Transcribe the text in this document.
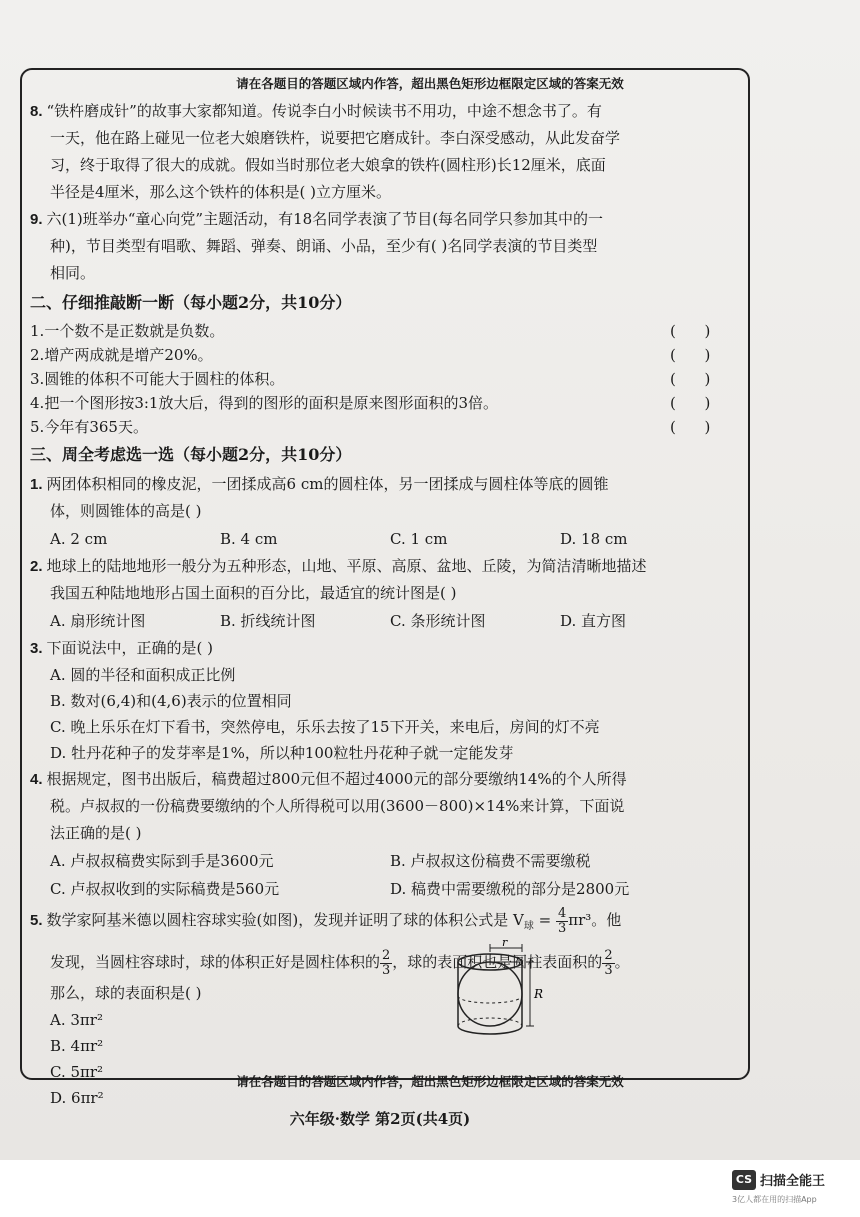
请在各题目的答题区域内作答，超出黑色矩形边框限定区域的答案无效
8. “铁杵磨成针”的故事大家都知道。传说李白小时候读书不用功，中途不想念书了。有
一天，他在路上碰见一位老大娘磨铁杵，说要把它磨成针。李白深受感动，从此发奋学
习，终于取得了很大的成就。假如当时那位老大娘拿的铁杵(圆柱形)长12厘米，底面
半径是4厘米，那么这个铁杵的体积是( )立方厘米。
9. 六(1)班举办“童心向党”主题活动，有18名同学表演了节目(每名同学只参加其中的一
种)，节目类型有唱歌、舞蹈、弹奏、朗诵、小品，至少有( )名同学表演的节目类型
相同。
二、仔细推敲断一断（每小题2分，共10分）
1.一个数不是正数就是负数。	(      )
2.增产两成就是增产20%。	(      )
3.圆锥的体积不可能大于圆柱的体积。	(      )
4.把一个图形按3:1放大后，得到的图形的面积是原来图形面积的3倍。	(      )
5.今年有365天。	(      )
三、周全考虑选一选（每小题2分，共10分）
1. 两团体积相同的橡皮泥，一团揉成高6 cm的圆柱体，另一团揉成与圆柱体等底的圆锥
体，则圆锥体的高是( )
A. 2 cm	B. 4 cm	C. 1 cm	D. 18 cm
2. 地球上的陆地地形一般分为五种形态，山地、平原、高原、盆地、丘陵，为简洁清晰地描述
我国五种陆地地形占国土面积的百分比，最适宜的统计图是( )
A. 扇形统计图	B. 折线统计图	C. 条形统计图	D. 直方图
3. 下面说法中，正确的是( )
A. 圆的半径和面积成正比例
B. 数对(6,4)和(4,6)表示的位置相同
C. 晚上乐乐在灯下看书，突然停电，乐乐去按了15下开关，来电后，房间的灯不亮
D. 牡丹花种子的发芽率是1%，所以种100粒牡丹花种子就一定能发芽
4. 根据规定，图书出版后，稿费超过800元但不超过4000元的部分要缴纳14%的个人所得
税。卢叔叔的一份稿费要缴纳的个人所得税可以用(3600－800)×14%来计算，下面说
法正确的是( )
A. 卢叔叔稿费实际到手是3600元	B. 卢叔叔这份稿费不需要缴税
C. 卢叔叔收到的实际稿费是560元	D. 稿费中需要缴税的部分是2800元
5. 数学家阿基米德以圆柱容球实验(如图)，发现并证明了球的体积公式是 $V_球 = \frac{4}{3} \pi r^3$。他
发现，当圆柱容球时，球的体积正好是圆柱体积的 $\frac{2}{3}$ ，球的表面积也是圆柱表面积的 $\frac{2}{3}$ 。
那么，球的表面积是( )
A. 3πr²
B. 4πr²
C. 5πr²
D. 6πr²
r
R
请在各题目的答题区域内作答，超出黑色矩形边框限定区域的答案无效
六年级·数学 第2页(共4页)
CS 扫描全能王
3亿人都在用的扫描App
